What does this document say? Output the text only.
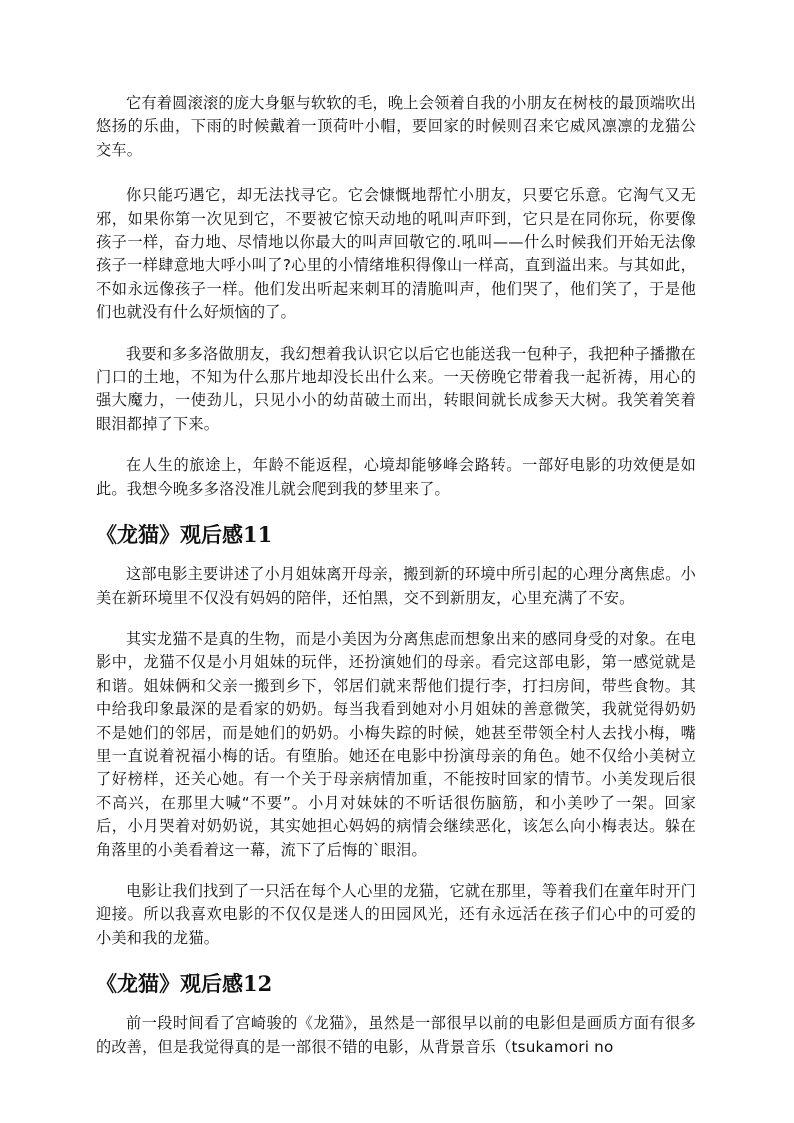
它有着圆滚滚的庞大身躯与软软的毛，晚上会领着自我的小朋友在树枝的最顶端吹出悠扬的乐曲，下雨的时候戴着一顶荷叶小帽，要回家的时候则召来它威风凛凛的龙猫公交车。

你只能巧遇它，却无法找寻它。它会慷慨地帮忙小朋友，只要它乐意。它淘气又无邪，如果你第一次见到它，不要被它惊天动地的吼叫声吓到，它只是在同你玩，你要像孩子一样，奋力地、尽情地以你最大的叫声回敬它的.吼叫——什么时候我们开始无法像孩子一样肆意地大呼小叫了?心里的小情绪堆积得像山一样高，直到溢出来。与其如此，不如永远像孩子一样。他们发出听起来刺耳的清脆叫声，他们哭了，他们笑了，于是他们也就没有什么好烦恼的了。

我要和多多洛做朋友，我幻想着我认识它以后它也能送我一包种子，我把种子播撒在门口的土地，不知为什么那片地却没长出什么来。一天傍晚它带着我一起祈祷，用心的强大魔力，一使劲儿，只见小小的幼苗破土而出，转眼间就长成参天大树。我笑着笑着眼泪都掉了下来。

在人生的旅途上，年龄不能返程，心境却能够峰会路转。一部好电影的功效便是如此。我想今晚多多洛没准儿就会爬到我的梦里来了。

《龙猫》观后感11

这部电影主要讲述了小月姐妹离开母亲，搬到新的环境中所引起的心理分离焦虑。小美在新环境里不仅没有妈妈的陪伴，还怕黑，交不到新朋友，心里充满了不安。

其实龙猫不是真的生物，而是小美因为分离焦虑而想象出来的感同身受的对象。在电影中，龙猫不仅是小月姐妹的玩伴，还扮演她们的母亲。看完这部电影，第一感觉就是和谐。姐妹俩和父亲一搬到乡下，邻居们就来帮他们提行李，打扫房间，带些食物。其中给我印象最深的是看家的奶奶。每当我看到她对小月姐妹的善意微笑，我就觉得奶奶不是她们的邻居，而是她们的奶奶。小梅失踪的时候，她甚至带领全村人去找小梅，嘴里一直说着祝福小梅的话。有堕胎。她还在电影中扮演母亲的角色。她不仅给小美树立了好榜样，还关心她。有一个关于母亲病情加重，不能按时回家的情节。小美发现后很不高兴，在那里大喊“不要”。小月对妹妹的不听话很伤脑筋，和小美吵了一架。回家后，小月哭着对奶奶说，其实她担心妈妈的病情会继续恶化，该怎么向小梅表达。躲在角落里的小美看着这一幕，流下了后悔的`眼泪。

电影让我们找到了一只活在每个人心里的龙猫，它就在那里，等着我们在童年时开门迎接。所以我喜欢电影的不仅仅是迷人的田园风光，还有永远活在孩子们心中的可爱的小美和我的龙猫。

《龙猫》观后感12

前一段时间看了宫崎骏的《龙猫》，虽然是一部很早以前的电影但是画质方面有很多的改善，但是我觉得真的是一部很不错的电影，从背景音乐（tsukamori no
